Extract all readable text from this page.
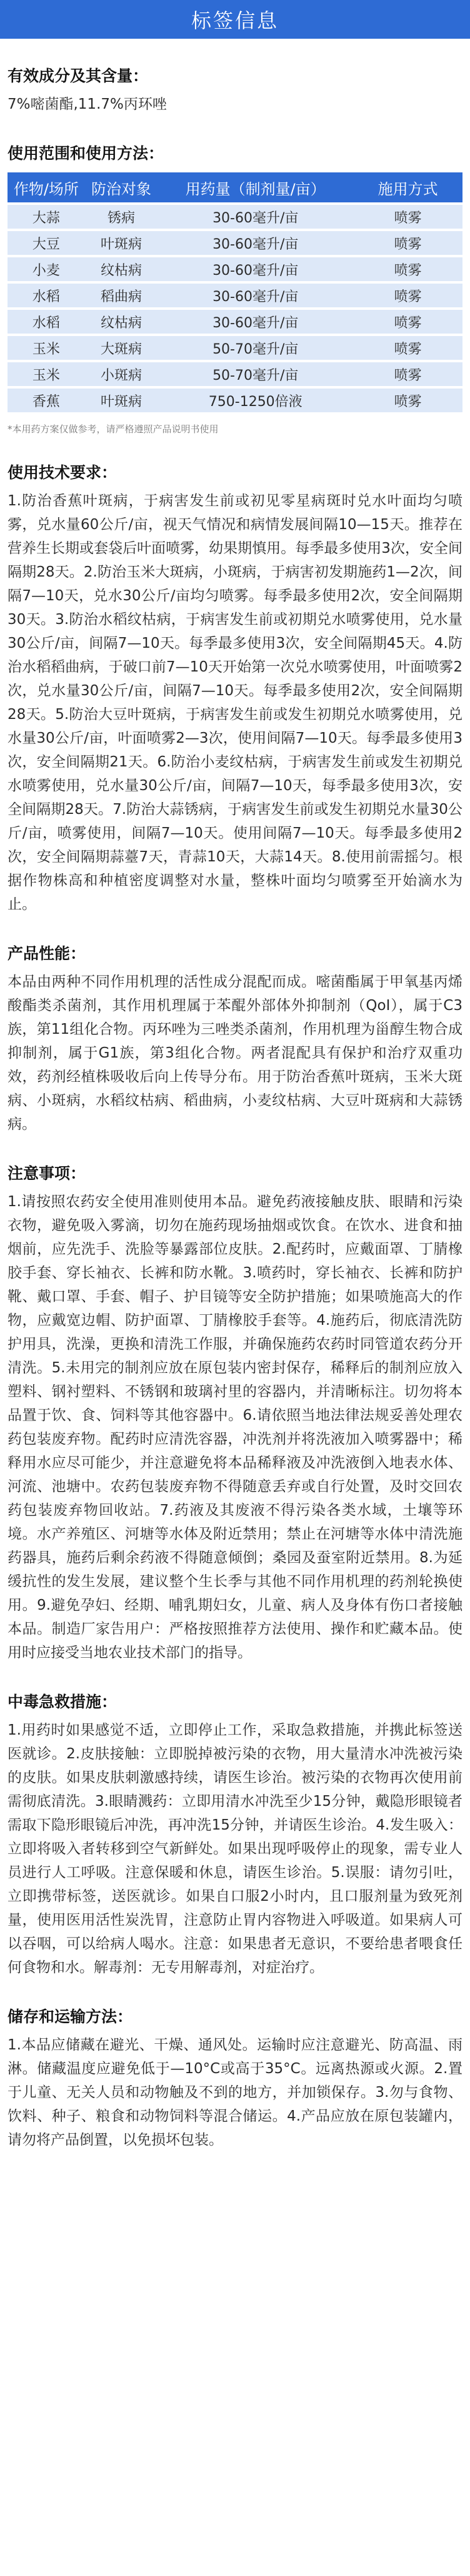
标签信息

有效成分及其含量：

7%嘧菌酯,11.7%丙环唑

使用范围和使用方法：

作物/场所	防治对象	用药量（制剂量/亩）	施用方式
大蒜	锈病	30-60毫升/亩	喷雾
大豆	叶斑病	30-60毫升/亩	喷雾
小麦	纹枯病	30-60毫升/亩	喷雾
水稻	稻曲病	30-60毫升/亩	喷雾
水稻	纹枯病	30-60毫升/亩	喷雾
玉米	大斑病	50-70毫升/亩	喷雾
玉米	小斑病	50-70毫升/亩	喷雾
香蕉	叶斑病	750-1250倍液	喷雾

*本用药方案仅做参考，请严格遵照产品说明书使用

使用技术要求：

1.防治香蕉叶斑病，于病害发生前或初见零星病斑时兑水叶面均匀喷雾，兑水量60公斤/亩，视天气情况和病情发展间隔10—15天。推荐在营养生长期或套袋后叶面喷雾，幼果期慎用。每季最多使用3次，安全间隔期28天。2.防治玉米大斑病，小斑病，于病害初发期施药1—2次，间隔7—10天，兑水30公斤/亩均匀喷雾。每季最多使用2次，安全间隔期30天。3.防治水稻纹枯病，于病害发生前或初期兑水喷雾使用，兑水量30公斤/亩，间隔7—10天。每季最多使用3次，安全间隔期45天。4.防治水稻稻曲病，于破口前7—10天开始第一次兑水喷雾使用，叶面喷雾2次，兑水量30公斤/亩，间隔7—10天。每季最多使用2次，安全间隔期28天。5.防治大豆叶斑病，于病害发生前或发生初期兑水喷雾使用，兑水量30公斤/亩，叶面喷雾2—3次，使用间隔7—10天。每季最多使用3次，安全间隔期21天。6.防治小麦纹枯病，于病害发生前或发生初期兑水喷雾使用，兑水量30公斤/亩，间隔7—10天，每季最多使用3次，安全间隔期28天。7.防治大蒜锈病，于病害发生前或发生初期兑水量30公斤/亩，喷雾使用，间隔7—10天。使用间隔7—10天。每季最多使用2次，安全间隔期蒜薹7天，青蒜10天，大蒜14天。8.使用前需摇匀。根据作物株高和种植密度调整对水量，整株叶面均匀喷雾至开始滴水为止。

产品性能：

本品由两种不同作用机理的活性成分混配而成。嘧菌酯属于甲氧基丙烯酸酯类杀菌剂，其作用机理属于苯醌外部体外抑制剂（QoI），属于C3族，第11组化合物。丙环唑为三唑类杀菌剂，作用机理为甾醇生物合成抑制剂，属于G1族，第3组化合物。两者混配具有保护和治疗双重功效，药剂经植株吸收后向上传导分布。用于防治香蕉叶斑病，玉米大斑病、小斑病，水稻纹枯病、稻曲病，小麦纹枯病、大豆叶斑病和大蒜锈病。

注意事项：

1.请按照农药安全使用准则使用本品。避免药液接触皮肤、眼睛和污染衣物，避免吸入雾滴，切勿在施药现场抽烟或饮食。在饮水、进食和抽烟前，应先洗手、洗脸等暴露部位皮肤。2.配药时，应戴面罩、丁腈橡胶手套、穿长袖衣、长裤和防水靴。3.喷药时，穿长袖衣、长裤和防护靴、戴口罩、手套、帽子、护目镜等安全防护措施；如果喷施高大的作物，应戴宽边帽、防护面罩、丁腈橡胶手套等。4.施药后，彻底清洗防护用具，洗澡，更换和清洗工作服，并确保施药农药时同管道农药分开清洗。5.未用完的制剂应放在原包装内密封保存，稀释后的制剂应放入塑料、钢衬塑料、不锈钢和玻璃衬里的容器内，并清晰标注。切勿将本品置于饮、食、饲料等其他容器中。6.请依照当地法律法规妥善处理农药包装废弃物。配药时应清洗容器，冲洗剂并将洗液加入喷雾器中；稀释用水应尽可能少，并注意避免将本品稀释液及冲洗液倒入地表水体、河流、池塘中。农药包装废弃物不得随意丢弃或自行处置，及时交回农药包装废弃物回收站。7.药液及其废液不得污染各类水域，土壤等环境。水产养殖区、河塘等水体及附近禁用；禁止在河塘等水体中清洗施药器具，施药后剩余药液不得随意倾倒；桑园及蚕室附近禁用。8.为延缓抗性的发生发展，建议整个生长季与其他不同作用机理的药剂轮换使用。9.避免孕妇、经期、哺乳期妇女，儿童、病人及身体有伤口者接触本品。制造厂家告用户：严格按照推荐方法使用、操作和贮藏本品。使用时应接受当地农业技术部门的指导。

中毒急救措施：

1.用药时如果感觉不适，立即停止工作，采取急救措施，并携此标签送医就诊。2.皮肤接触：立即脱掉被污染的衣物，用大量清水冲洗被污染的皮肤。如果皮肤刺激感持续，请医生诊治。被污染的衣物再次使用前需彻底清洗。3.眼睛溅药：立即用清水冲洗至少15分钟，戴隐形眼镜者需取下隐形眼镜后冲洗，再冲洗15分钟，并请医生诊治。4.发生吸入：立即将吸入者转移到空气新鲜处。如果出现呼吸停止的现象，需专业人员进行人工呼吸。注意保暖和休息，请医生诊治。5.误服：请勿引吐，立即携带标签，送医就诊。如果自口服2小时内，且口服剂量为致死剂量，使用医用活性炭洗胃，注意防止胃内容物进入呼吸道。如果病人可以吞咽，可以给病人喝水。注意：如果患者无意识，不要给患者喂食任何食物和水。解毒剂：无专用解毒剂，对症治疗。

储存和运输方法：

1.本品应储藏在避光、干燥、通风处。运输时应注意避光、防高温、雨淋。储藏温度应避免低于—10°C或高于35°C。远离热源或火源。2.置于儿童、无关人员和动物触及不到的地方，并加锁保存。3.勿与食物、饮料、种子、粮食和动物饲料等混合储运。4.产品应放在原包装罐内，请勿将产品倒置，以免损坏包装。
